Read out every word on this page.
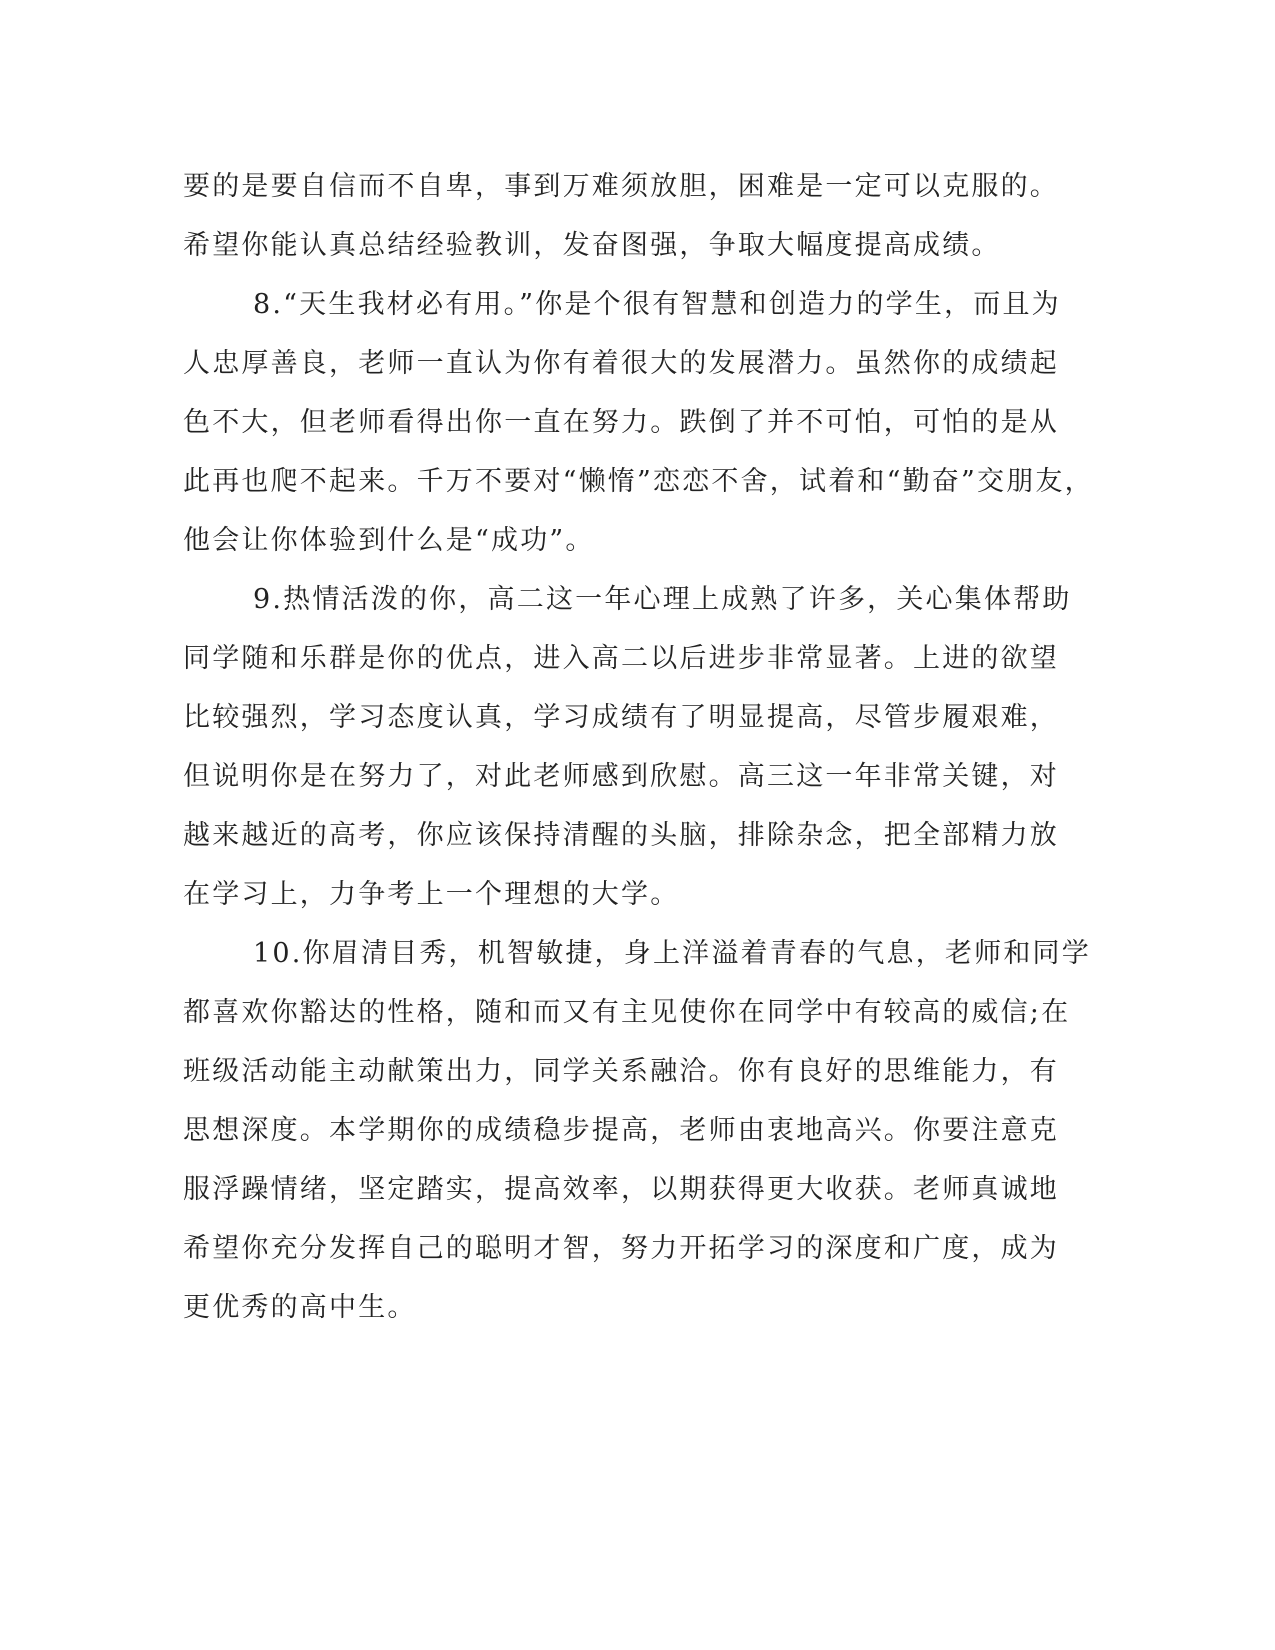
要的是要自信而不自卑，事到万难须放胆，困难是一定可以克服的。
希望你能认真总结经验教训，发奋图强，争取大幅度提高成绩。
8.“天生我材必有用。”你是个很有智慧和创造力的学生，而且为
人忠厚善良，老师一直认为你有着很大的发展潜力。虽然你的成绩起
色不大，但老师看得出你一直在努力。跌倒了并不可怕，可怕的是从
此再也爬不起来。千万不要对“懒惰”恋恋不舍，试着和“勤奋”交朋友，
他会让你体验到什么是“成功”。
9.热情活泼的你，高二这一年心理上成熟了许多，关心集体帮助
同学随和乐群是你的优点，进入高二以后进步非常显著。上进的欲望
比较强烈，学习态度认真，学习成绩有了明显提高，尽管步履艰难，
但说明你是在努力了，对此老师感到欣慰。高三这一年非常关键，对
越来越近的高考，你应该保持清醒的头脑，排除杂念，把全部精力放
在学习上，力争考上一个理想的大学。
10.你眉清目秀，机智敏捷，身上洋溢着青春的气息，老师和同学
都喜欢你豁达的性格，随和而又有主见使你在同学中有较高的威信;在
班级活动能主动献策出力，同学关系融洽。你有良好的思维能力，有
思想深度。本学期你的成绩稳步提高，老师由衷地高兴。你要注意克
服浮躁情绪，坚定踏实，提高效率，以期获得更大收获。老师真诚地
希望你充分发挥自己的聪明才智，努力开拓学习的深度和广度，成为
更优秀的高中生。
